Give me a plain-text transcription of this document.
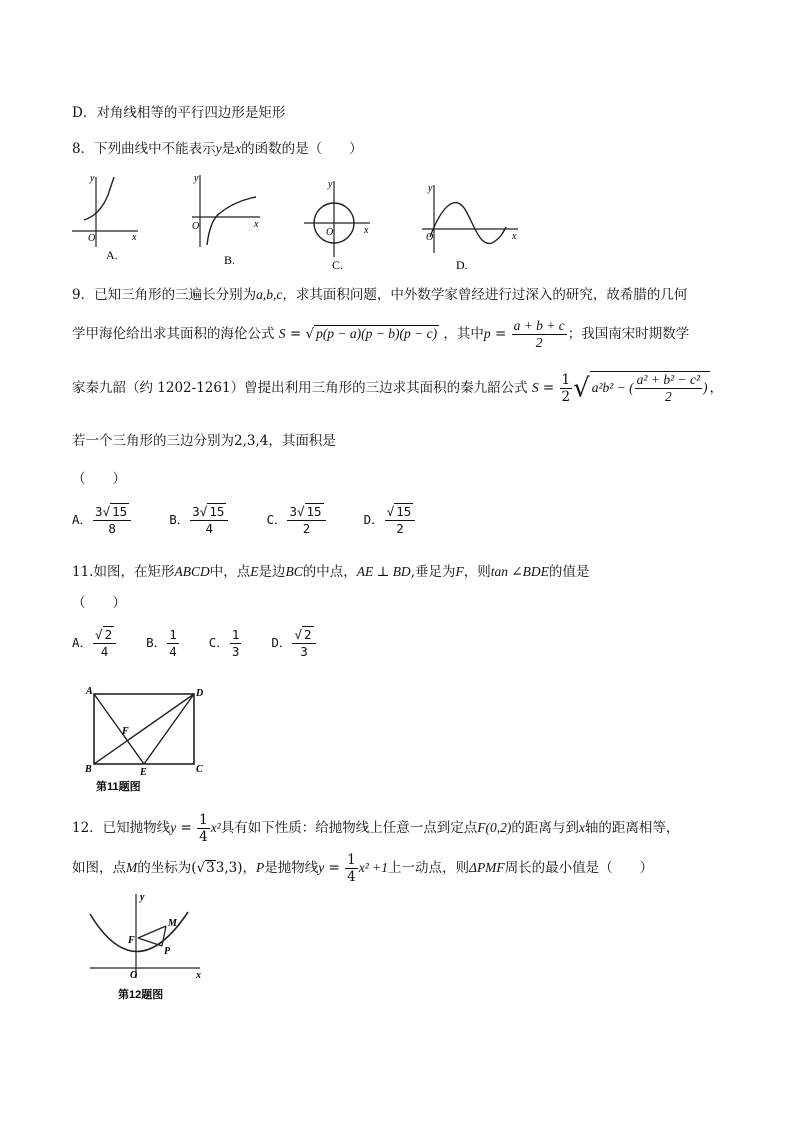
D．对角线相等的平行四边形是矩形
8．下列曲线中不能表示y是x的函数的是（　　）
y
x
O
A.
y
x
O
B.
y
x
O
C.
y
x
O
D.
9．已知三角形的三遍长分别为a,b,c，求其面积问题，中外数学家曾经进行过深入的研究，故希腊的几何
学甲海伦给出求其面积的海伦公式 S = √ p(p − a)(p − b)(p − c) ，其中$p = \frac{a + b + c}{2}$ ；我国南宋时期数学
家秦九韶（约 1202-1261）曾提出利用三角形的三边求其面积的秦九韶公式 $S = \frac{1}{2}$ √ a²b² − ( $\frac{\text{a² + b² − c²}}{2}$ ) ，
若一个三角形的三边分别为2,3,4，其面积是
（　　）
A． $\frac{3√ 15}{8}$	B． $\frac{3√ 15}{4}$	C． $\frac{3√ 15}{2}$	D． $\frac{√ 15}{2}$
11.如图，在矩形ABCD中，点E是边BC的中点，AE ⊥ BD,垂足为F，则tan ∠BDE的值是
（　　）
A． $\frac{√ 2}{4}$ B． $\frac{1}{4}$ C． $\frac{1}{3}$ D． $\frac{√ 2}{3}$
A	D
B	C
E
F
第11题图
12．已知抛物线$y = \frac{1}{4} x^2$具有如下性质：给抛物线上任意一点到定点F(0,2)的距离与到x轴的距离相等，
如图，点M的坐标为(√33,3)，P是抛物线$y = \frac{1}{4} x^2 +1$上一动点，则ΔPMF周长的最小值是（　　）
y
x
O
F
M
P
第12题图
